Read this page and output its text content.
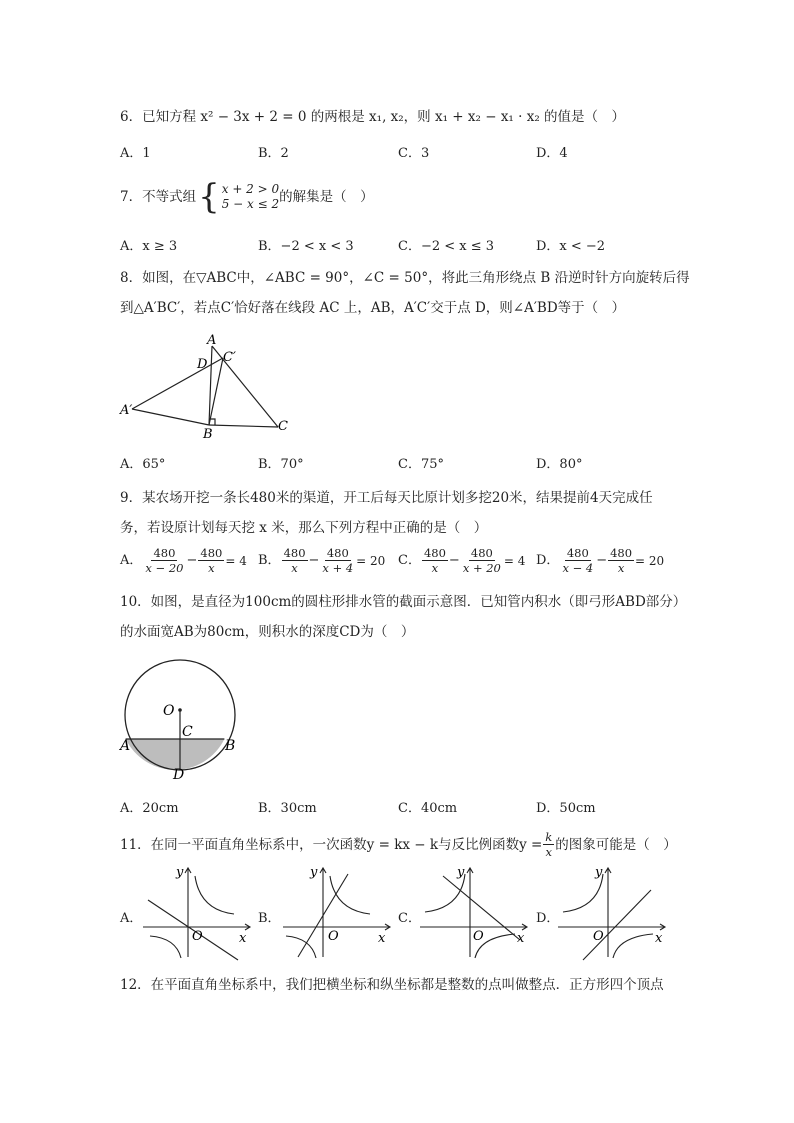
6．已知方程 x² − 3x + 2 = 0 的两根是 x₁, x₂，则 x₁ + x₂ − x₁ · x₂ 的值是（　）
A．1	B．2	C．3	D．4
7．不等式组 { x + 2 > 0
5 − x ≤ 2 的解集是（　）
A．x ≥ 3	B．−2 < x < 3	C．−2 < x ≤ 3	D．x < −2
8．如图，在▽ABC中，∠ABC = 90°，∠C = 50°，将此三角形绕点 B 沿逆时针方向旋转后得
到△A′BC′，若点C′恰好落在线段 AC 上，AB，A′C′交于点 D，则∠A′BD等于（　）
A
C′
D
A′
B
C
A．65°	B．70°	C．75°	D．80°
9．某农场开挖一条长480米的渠道，开工后每天比原计划多挖20米，结果提前4天完成任
务，若设原计划每天挖 x 米，那么下列方程中正确的是（　）
A． $\frac{480}{x - 20} - \frac{480}{x} = 4$ B． $\frac{480}{x} - \frac{480}{x + 4} = 20$ C． $\frac{480}{x} - \frac{480}{x + 20} = 4$ D． $\frac{480}{x - 4} - \frac{480}{x} = 20$
10．如图，是直径为100cm的圆柱形排水管的截面示意图．已知管内积水（即弓形ABD部分）
的水面宽AB为80cm，则积水的深度CD为（　）
O
C
A	B
D
A．20cm	B．30cm	C．40cm	D．50cm
11．在同一平面直角坐标系中，一次函数y = kx − k与反比例函数$y = \frac{k}{x}$ 的图象可能是（　）
A．
y
x
O
B．
y
x
O
C．
y
x
O
D．
y
x
O
12．在平面直角坐标系中，我们把横坐标和纵坐标都是整数的点叫做整点．正方形四个顶点
